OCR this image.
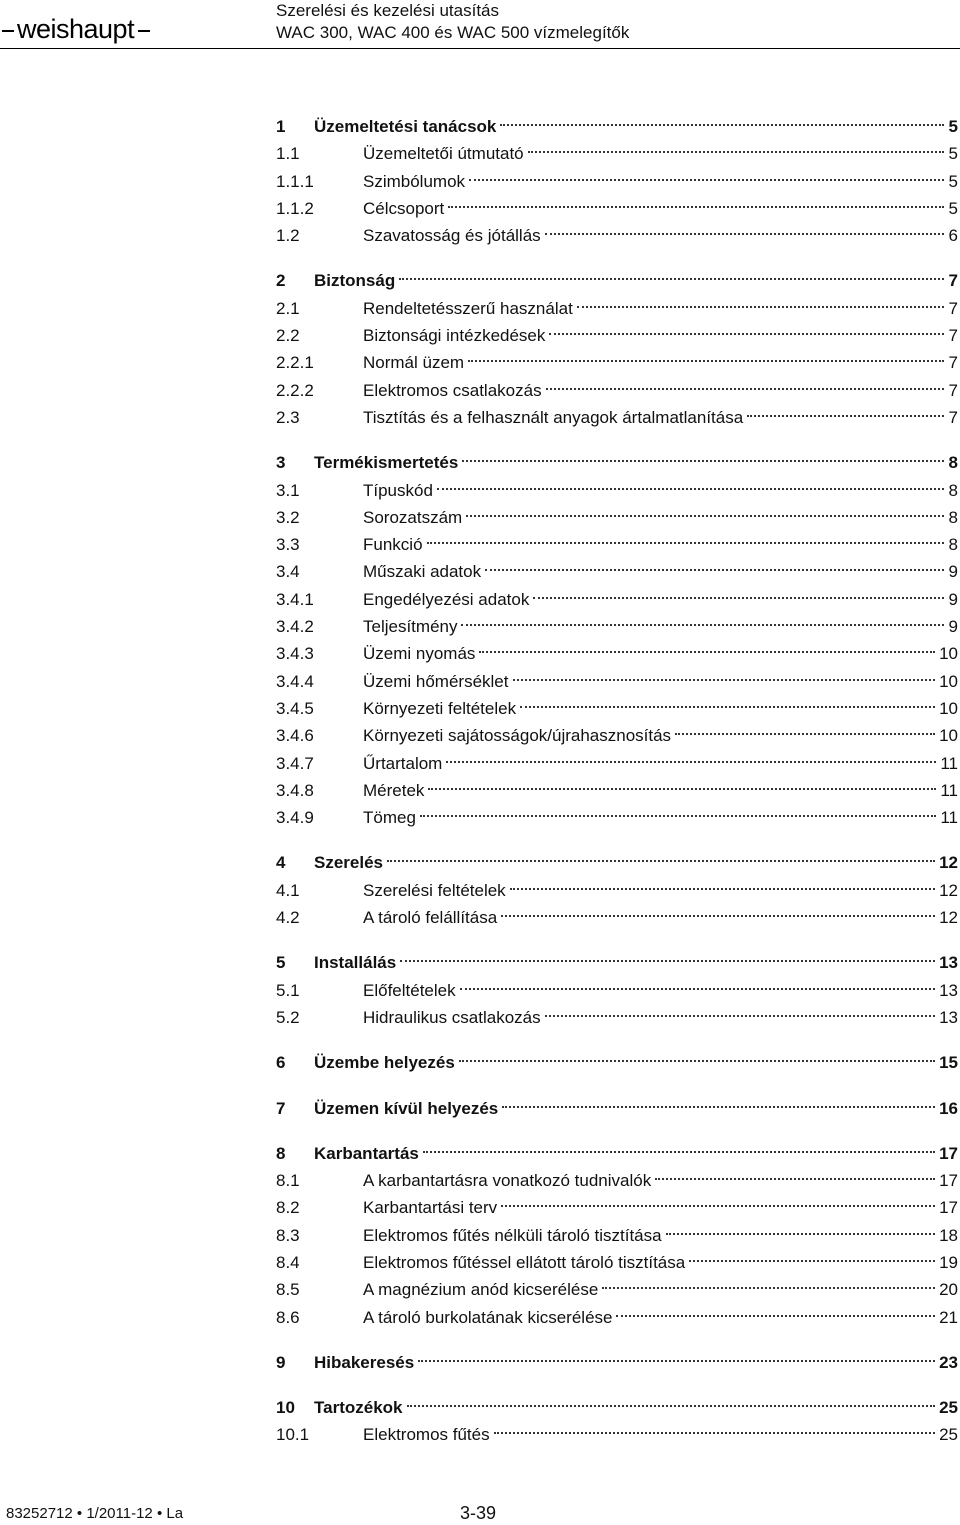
weishaupt
Szerelési és kezelési utasítás
WAC 300, WAC 400 és WAC 500 vízmelegítők
1	Üzemeltetési tanácsok	5
1.1	Üzemeltetői útmutató	5
1.1.1	Szimbólumok	5
1.1.2	Célcsoport	5
1.2	Szavatosság és jótállás	6
2	Biztonság	7
2.1	Rendeltetésszerű használat	7
2.2	Biztonsági intézkedések	7
2.2.1	Normál üzem	7
2.2.2	Elektromos csatlakozás	7
2.3	Tisztítás és a felhasznált anyagok ártalmatlanítása	7
3	Termékismertetés	8
3.1	Típuskód	8
3.2	Sorozatszám	8
3.3	Funkció	8
3.4	Műszaki adatok	9
3.4.1	Engedélyezési adatok	9
3.4.2	Teljesítmény	9
3.4.3	Üzemi nyomás	10
3.4.4	Üzemi hőmérséklet	10
3.4.5	Környezeti feltételek	10
3.4.6	Környezeti sajátosságok/újrahasznosítás	10
3.4.7	Űrtartalom	11
3.4.8	Méretek	11
3.4.9	Tömeg	11
4	Szerelés	12
4.1	Szerelési feltételek	12
4.2	A tároló felállítása	12
5	Installálás	13
5.1	Előfeltételek	13
5.2	Hidraulikus csatlakozás	13
6	Üzembe helyezés	15
7	Üzemen kívül helyezés	16
8	Karbantartás	17
8.1	A karbantartásra vonatkozó tudnivalók	17
8.2	Karbantartási terv	17
8.3	Elektromos fűtés nélküli tároló tisztítása	18
8.4	Elektromos fűtéssel ellátott tároló tisztítása	19
8.5	A magnézium anód kicserélése	20
8.6	A tároló burkolatának kicserélése	21
9	Hibakeresés	23
10	Tartozékok	25
10.1	Elektromos fűtés	25
83252712 • 1/2011-12 • La	3-39
